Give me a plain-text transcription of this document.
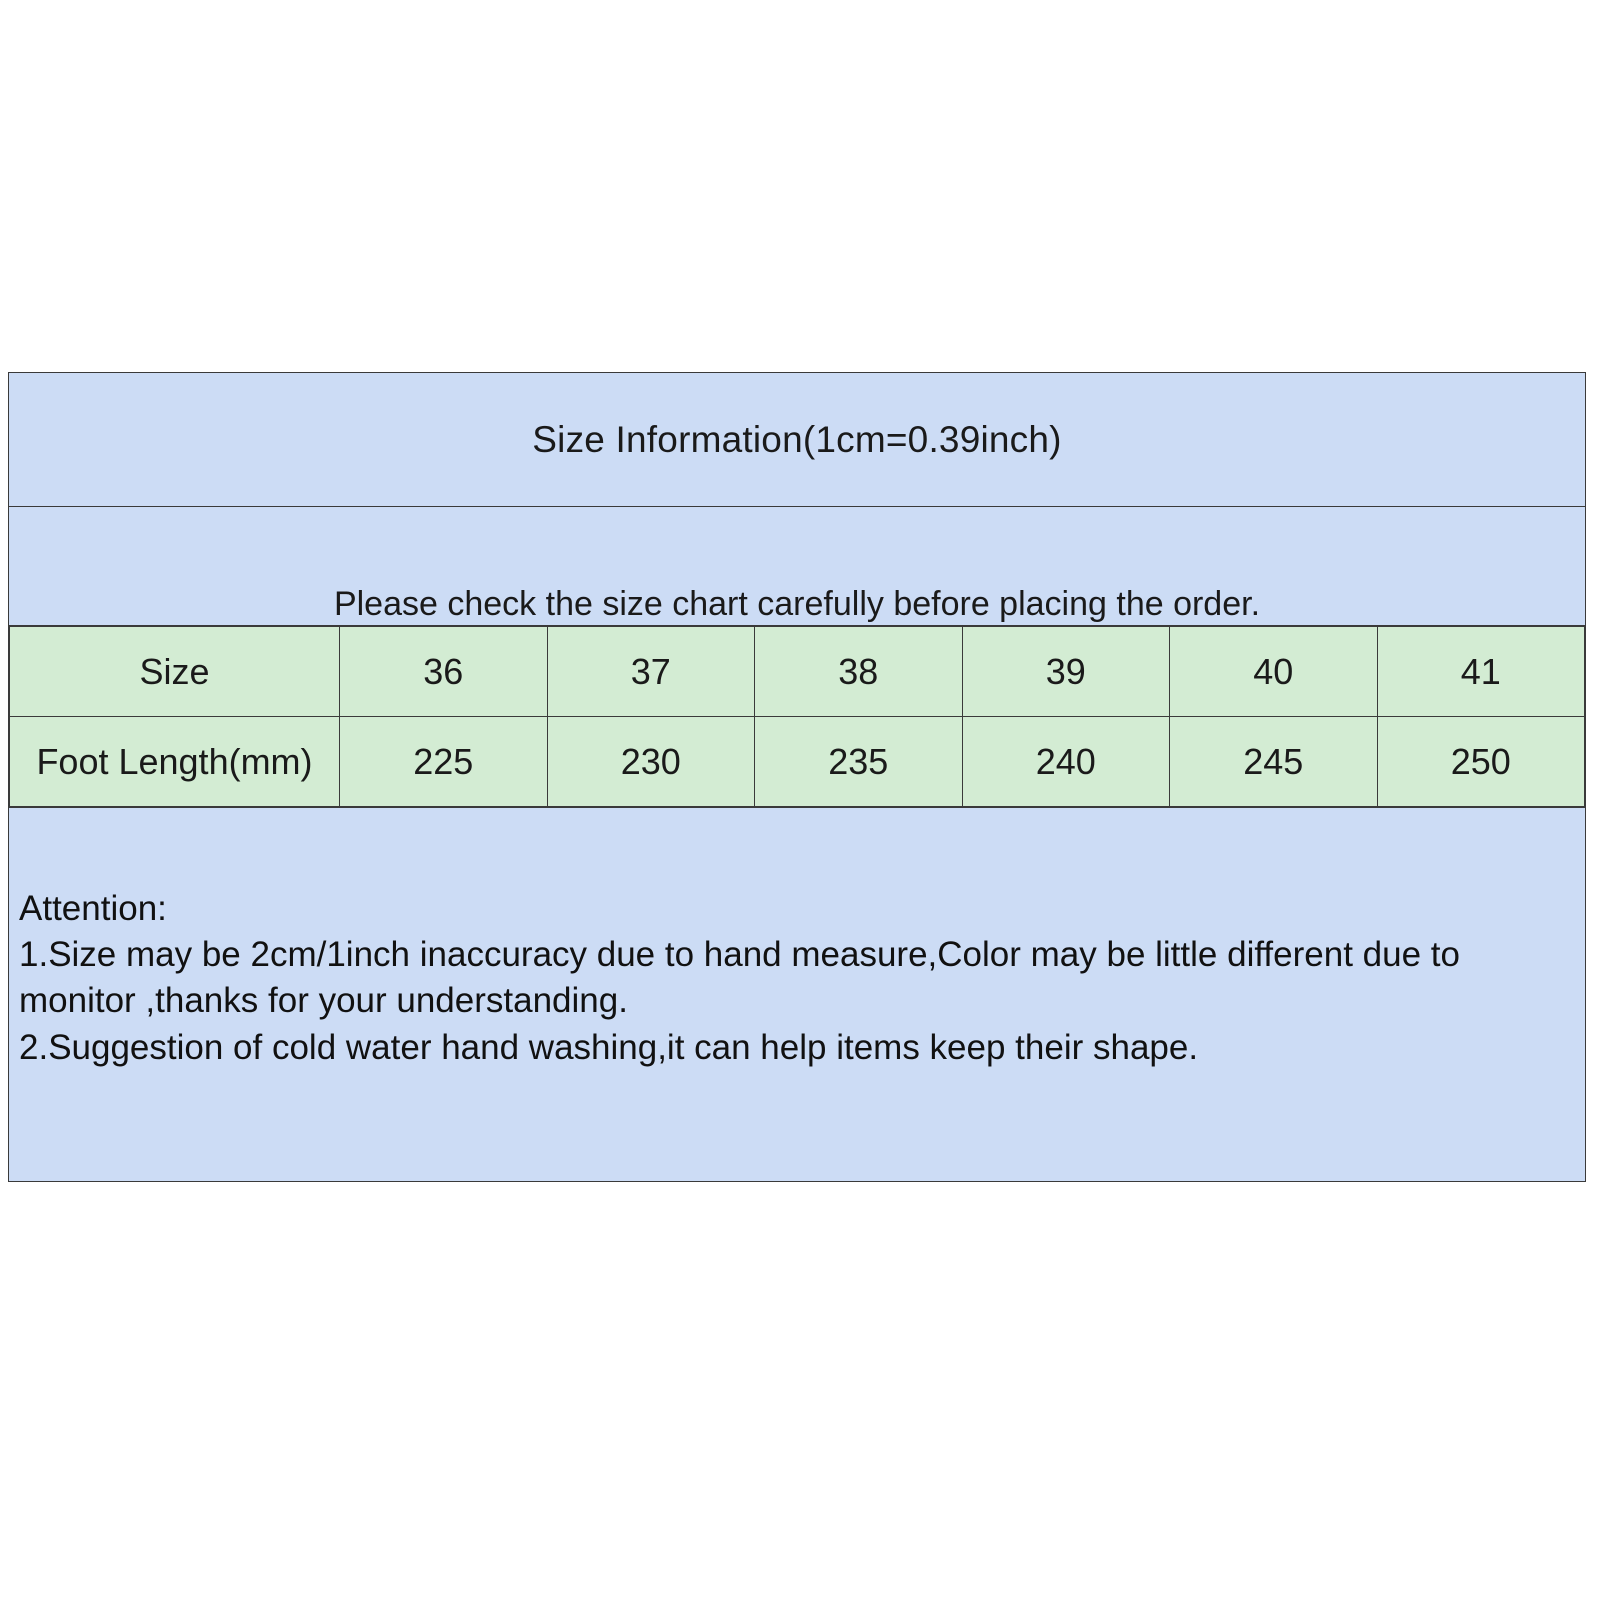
Size Information(1cm=0.39inch)
Please check the size chart carefully before placing the order.
Size	36	37	38	39	40	41
Foot Length(mm)	225	230	235	240	245	250
Attention:
1.Size may be 2cm/1inch inaccuracy due to hand measure,Color may be little different due to
monitor ,thanks for your understanding.
2.Suggestion of cold water hand washing,it can help items keep their shape.
